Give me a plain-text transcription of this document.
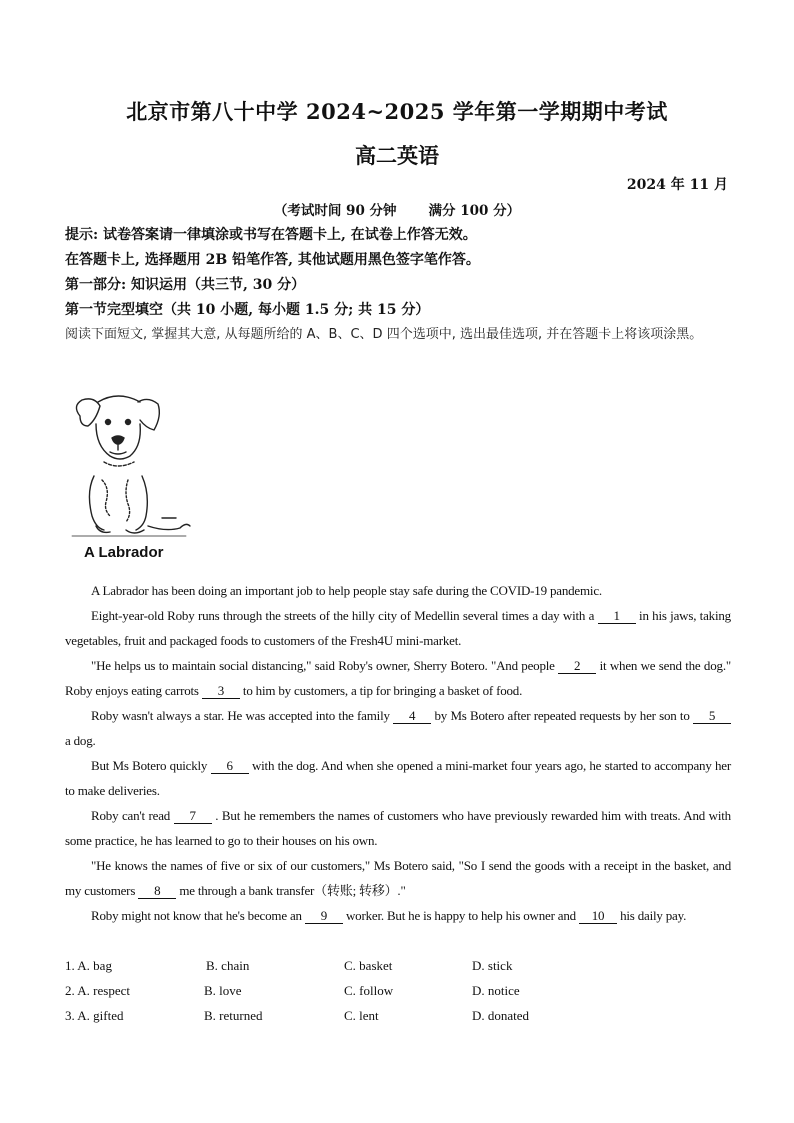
北京市第八十中学 2024~2025 学年第一学期期中考试
高二英语
2024 年 11 月
（考试时间 90 分钟 满分 100 分）
提示: 试卷答案请一律填涂或书写在答题卡上, 在试卷上作答无效。
在答题卡上, 选择题用 2B 铅笔作答, 其他试题用黑色签字笔作答。
第一部分: 知识运用（共三节, 30 分）
第一节完型填空（共 10 小题, 每小题 1.5 分; 共 15 分）
阅读下面短文, 掌握其大意, 从每题所给的 A、B、C、D 四个选项中, 选出最佳选项, 并在答题卡上将该项涂黑。
A Labrador
A Labrador has been doing an important job to help people stay safe during the COVID-19 pandemic.
Eight-year-old Roby runs through the streets of the hilly city of Medellin several times a day with a 1 in his jaws, taking vegetables, fruit and packaged foods to customers of the Fresh4U mini-market.
"He helps us to maintain social distancing," said Roby's owner, Sherry Botero. "And people 2 it when we send the dog." Roby enjoys eating carrots 3 to him by customers, a tip for bringing a basket of food.
Roby wasn't always a star. He was accepted into the family 4 by Ms Botero after repeated requests by her son to 5 a dog.
But Ms Botero quickly 6 with the dog. And when she opened a mini-market four years ago, he started to accompany her to make deliveries.
Roby can't read 7 . But he remembers the names of customers who have previously rewarded him with treats. And with some practice, he has learned to go to their houses on his own.
"He knows the names of five or six of our customers," Ms Botero said, "So I send the goods with a receipt in the basket, and my customers 8 me through a bank transfer（转账; 转移）."
Roby might not know that he's become an 9 worker. But he is happy to help his owner and 10 his daily pay.
1. A. bag	B. chain	C. basket	D. stick
2. A. respect	B. love	C. follow	D. notice
3. A. gifted	B. returned	C. lent	D. donated
